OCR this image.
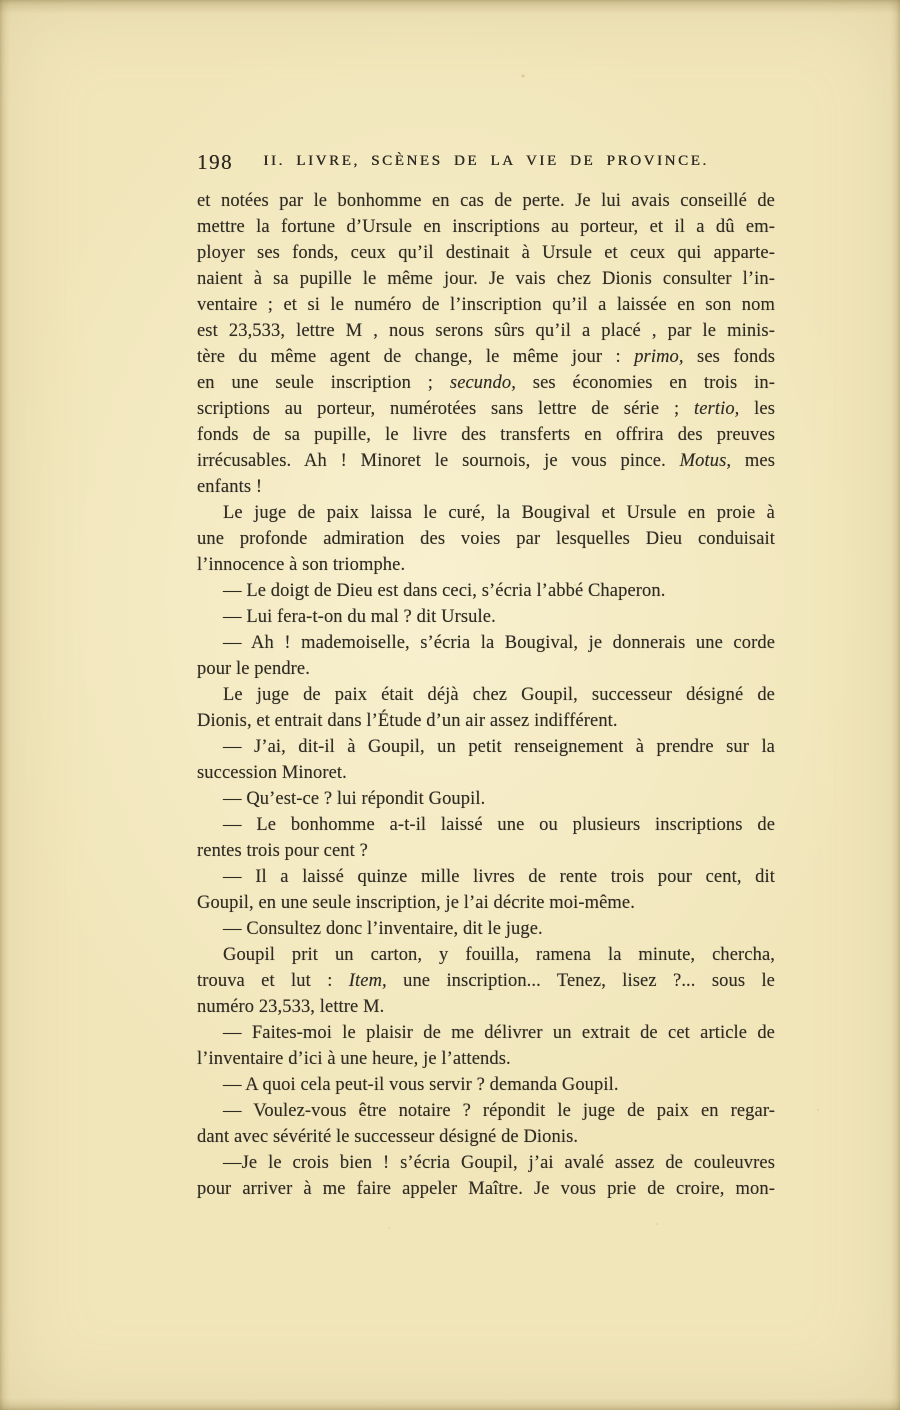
198	II. LIVRE, SCÈNES DE LA VIE DE PROVINCE.
et notées par le bonhomme en cas de perte. Je lui avais conseillé de
mettre la fortune d’Ursule en inscriptions au porteur, et il a dû em-
ployer ses fonds, ceux qu’il destinait à Ursule et ceux qui apparte-
naient à sa pupille le même jour. Je vais chez Dionis consulter l’in-
ventaire ; et si le numéro de l’inscription qu’il a laissée en son nom
est 23,533, lettre M , nous serons sûrs qu’il a placé , par le minis-
tère du même agent de change, le même jour : primo, ses fonds
en une seule inscription ; secundo, ses économies en trois in-
scriptions au porteur, numérotées sans lettre de série ; tertio, les
fonds de sa pupille, le livre des transferts en offrira des preuves
irrécusables. Ah ! Minoret le sournois, je vous pince. Motus, mes
enfants !
Le juge de paix laissa le curé, la Bougival et Ursule en proie à
une profonde admiration des voies par lesquelles Dieu conduisait
l’innocence à son triomphe.
— Le doigt de Dieu est dans ceci, s’écria l’abbé Chaperon.
— Lui fera-t-on du mal ? dit Ursule.
— Ah ! mademoiselle, s’écria la Bougival, je donnerais une corde
pour le pendre.
Le juge de paix était déjà chez Goupil, successeur désigné de
Dionis, et entrait dans l’Étude d’un air assez indifférent.
— J’ai, dit-il à Goupil, un petit renseignement à prendre sur la
succession Minoret.
— Qu’est-ce ? lui répondit Goupil.
— Le bonhomme a-t-il laissé une ou plusieurs inscriptions de
rentes trois pour cent ?
— Il a laissé quinze mille livres de rente trois pour cent, dit
Goupil, en une seule inscription, je l’ai décrite moi-même.
— Consultez donc l’inventaire, dit le juge.
Goupil prit un carton, y fouilla, ramena la minute, chercha,
trouva et lut : Item, une inscription... Tenez, lisez ?... sous le
numéro 23,533, lettre M.
— Faites-moi le plaisir de me délivrer un extrait de cet article de
l’inventaire d’ici à une heure, je l’attends.
— A quoi cela peut-il vous servir ? demanda Goupil.
— Voulez-vous être notaire ? répondit le juge de paix en regar-
dant avec sévérité le successeur désigné de Dionis.
—Je le crois bien ! s’écria Goupil, j’ai avalé assez de couleuvres
pour arriver à me faire appeler Maître. Je vous prie de croire, mon-
